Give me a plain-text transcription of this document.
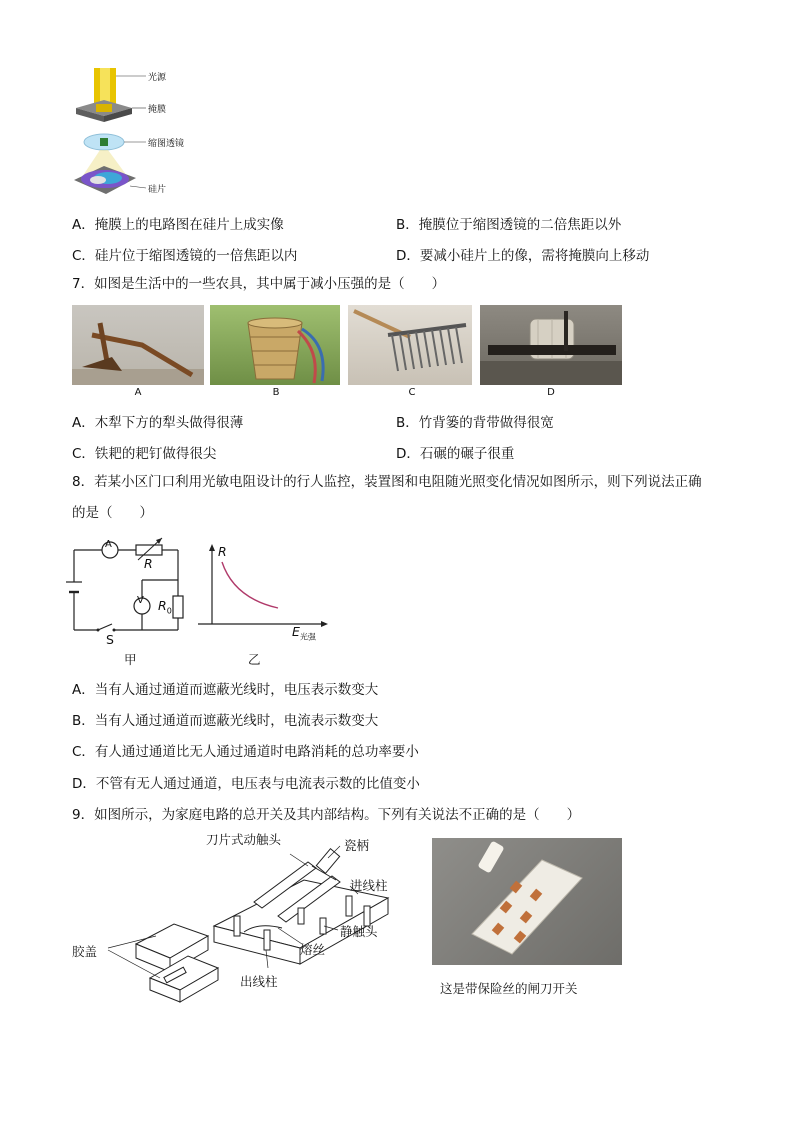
光源
掩膜
缩图透镜
硅片
A．掩膜上的电路图在硅片上成实像	B．掩膜位于缩图透镜的二倍焦距以外
C．硅片位于缩图透镜的一倍焦距以内	D．要减小硅片上的像，需将掩膜向上移动
7．如图是生活中的一些农具，其中属于减小压强的是（　　）
A	B	C	D
A．木犁下方的犁头做得很薄	B．竹背篓的背带做得很宽
C．铁耙的耙钉做得很尖	D．石碾的碾子很重
8．若某小区门口利用光敏电阻设计的行人监控，装置图和电阻随光照变化情况如图所示，则下列说法正确
的是（　　）
A
V
R
$R_0$
S
甲
R
$E_{光强}$
乙
A．当有人通过通道而遮蔽光线时，电压表示数变大
B．当有人通过通道而遮蔽光线时，电流表示数变大
C．有人通过通道比无人通过通道时电路消耗的总功率要小
D．不管有无人通过通道，电压表与电流表示数的比值变小
9．如图所示，为家庭电路的总开关及其内部结构。下列有关说法不正确的是（　　）
刀片式动触头	瓷柄
进线柱
静触头
熔丝
出线柱
胶盖
这是带保险丝的闸刀开关
